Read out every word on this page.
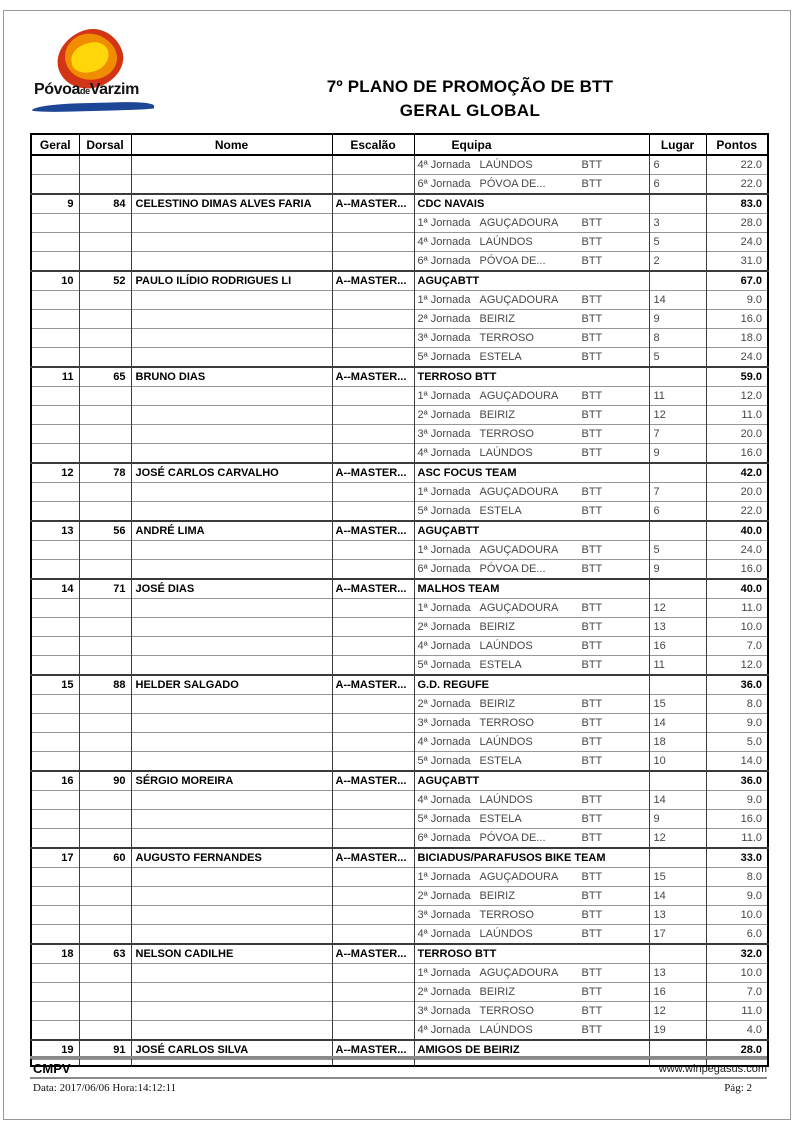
PóvoadeVarzim	7º PLANO DE PROMOÇÃO DE BTT
GERAL GLOBAL
Geral	Dorsal	Nome	Escalão	Equipa	Lugar	Pontos
				4ª Jornada LAÚNDOS BTT	6	22.0
				6ª Jornada PÓVOA DE... BTT	6	22.0
9	84	CELESTINO DIMAS ALVES FARIA	A--MASTER...	CDC NAVAIS		83.0
				1ª Jornada AGUÇADOURA BTT	3	28.0
				4ª Jornada LAÚNDOS BTT	5	24.0
				6ª Jornada PÓVOA DE... BTT	2	31.0
10	52	PAULO ILÍDIO RODRIGUES LI	A--MASTER...	AGUÇABTT		67.0
				1ª Jornada AGUÇADOURA BTT	14	9.0
				2ª Jornada BEIRIZ BTT	9	16.0
				3ª Jornada TERROSO BTT	8	18.0
				5ª Jornada ESTELA BTT	5	24.0
11	65	BRUNO DIAS	A--MASTER...	TERROSO BTT		59.0
				1ª Jornada AGUÇADOURA BTT	11	12.0
				2ª Jornada BEIRIZ BTT	12	11.0
				3ª Jornada TERROSO BTT	7	20.0
				4ª Jornada LAÚNDOS BTT	9	16.0
12	78	JOSÉ CARLOS CARVALHO	A--MASTER...	ASC FOCUS TEAM		42.0
				1ª Jornada AGUÇADOURA BTT	7	20.0
				5ª Jornada ESTELA BTT	6	22.0
13	56	ANDRÉ LIMA	A--MASTER...	AGUÇABTT		40.0
				1ª Jornada AGUÇADOURA BTT	5	24.0
				6ª Jornada PÓVOA DE... BTT	9	16.0
14	71	JOSÉ DIAS	A--MASTER...	MALHOS TEAM		40.0
				1ª Jornada AGUÇADOURA BTT	12	11.0
				2ª Jornada BEIRIZ BTT	13	10.0
				4ª Jornada LAÚNDOS BTT	16	7.0
				5ª Jornada ESTELA BTT	11	12.0
15	88	HELDER SALGADO	A--MASTER...	G.D. REGUFE		36.0
				2ª Jornada BEIRIZ BTT	15	8.0
				3ª Jornada TERROSO BTT	14	9.0
				4ª Jornada LAÚNDOS BTT	18	5.0
				5ª Jornada ESTELA BTT	10	14.0
16	90	SÉRGIO MOREIRA	A--MASTER...	AGUÇABTT		36.0
				4ª Jornada LAÚNDOS BTT	14	9.0
				5ª Jornada ESTELA BTT	9	16.0
				6ª Jornada PÓVOA DE... BTT	12	11.0
17	60	AUGUSTO FERNANDES	A--MASTER...	BICIADUS/PARAFUSOS BIKE TEAM		33.0
				1ª Jornada AGUÇADOURA BTT	15	8.0
				2ª Jornada BEIRIZ BTT	14	9.0
				3ª Jornada TERROSO BTT	13	10.0
				4ª Jornada LAÚNDOS BTT	17	6.0
18	63	NELSON CADILHE	A--MASTER...	TERROSO BTT		32.0
				1ª Jornada AGUÇADOURA BTT	13	10.0
				2ª Jornada BEIRIZ BTT	16	7.0
				3ª Jornada TERROSO BTT	12	11.0
				4ª Jornada LAÚNDOS BTT	19	4.0
19	91	JOSÉ CARLOS SILVA	A--MASTER...	AMIGOS DE BEIRIZ		28.0

CMPV	www.winpegasus.com
Data: 2017/06/06 Hora:14:12:11	Pág: 2
